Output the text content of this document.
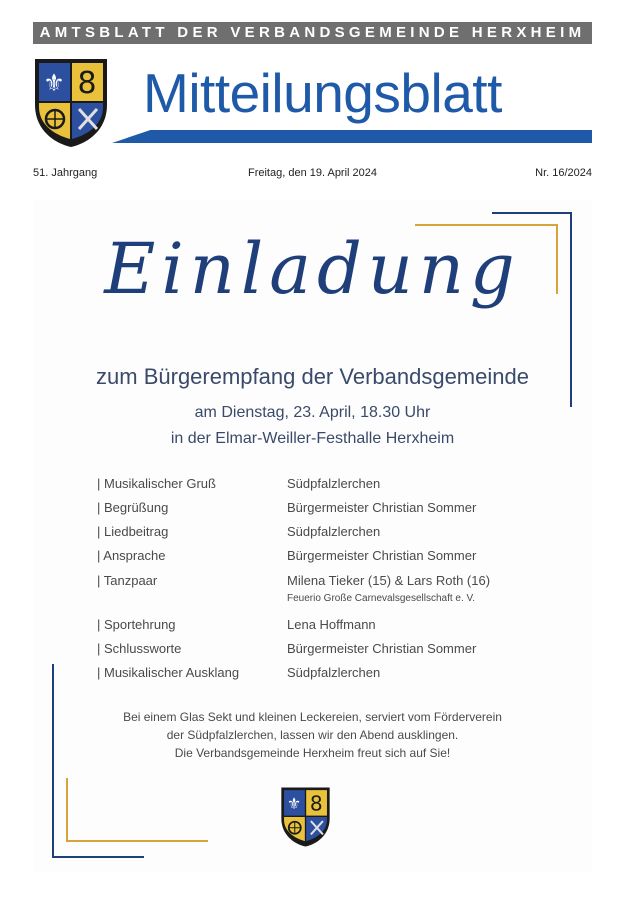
AMTSBLATT DER VERBANDSGEMEINDE HERXHEIM
⚜ 8 Mitteilungsblatt
51. Jahrgang	Freitag, den 19. April 2024	Nr. 16/2024
Einladung
zum Bürgerempfang der Verbandsgemeinde
am Dienstag, 23. April, 18.30 Uhr
in der Elmar-Weiller-Festhalle Herxheim
| Musikalischer Gruß	Südpfalzlerchen
| Begrüßung	Bürgermeister Christian Sommer
| Liedbeitrag	Südpfalzlerchen
| Ansprache	Bürgermeister Christian Sommer
| Tanzpaar	Milena Tieker (15) & Lars Roth (16)
Feuerio Große Carnevalsgesellschaft e. V.
| Sportehrung	Lena Hoffmann
| Schlussworte	Bürgermeister Christian Sommer
| Musikalischer Ausklang	Südpfalzlerchen
Bei einem Glas Sekt und kleinen Leckereien, serviert vom Förderverein
der Südpfalzlerchen, lassen wir den Abend ausklingen.
Die Verbandsgemeinde Herxheim freut sich auf Sie!
⚜ 8
